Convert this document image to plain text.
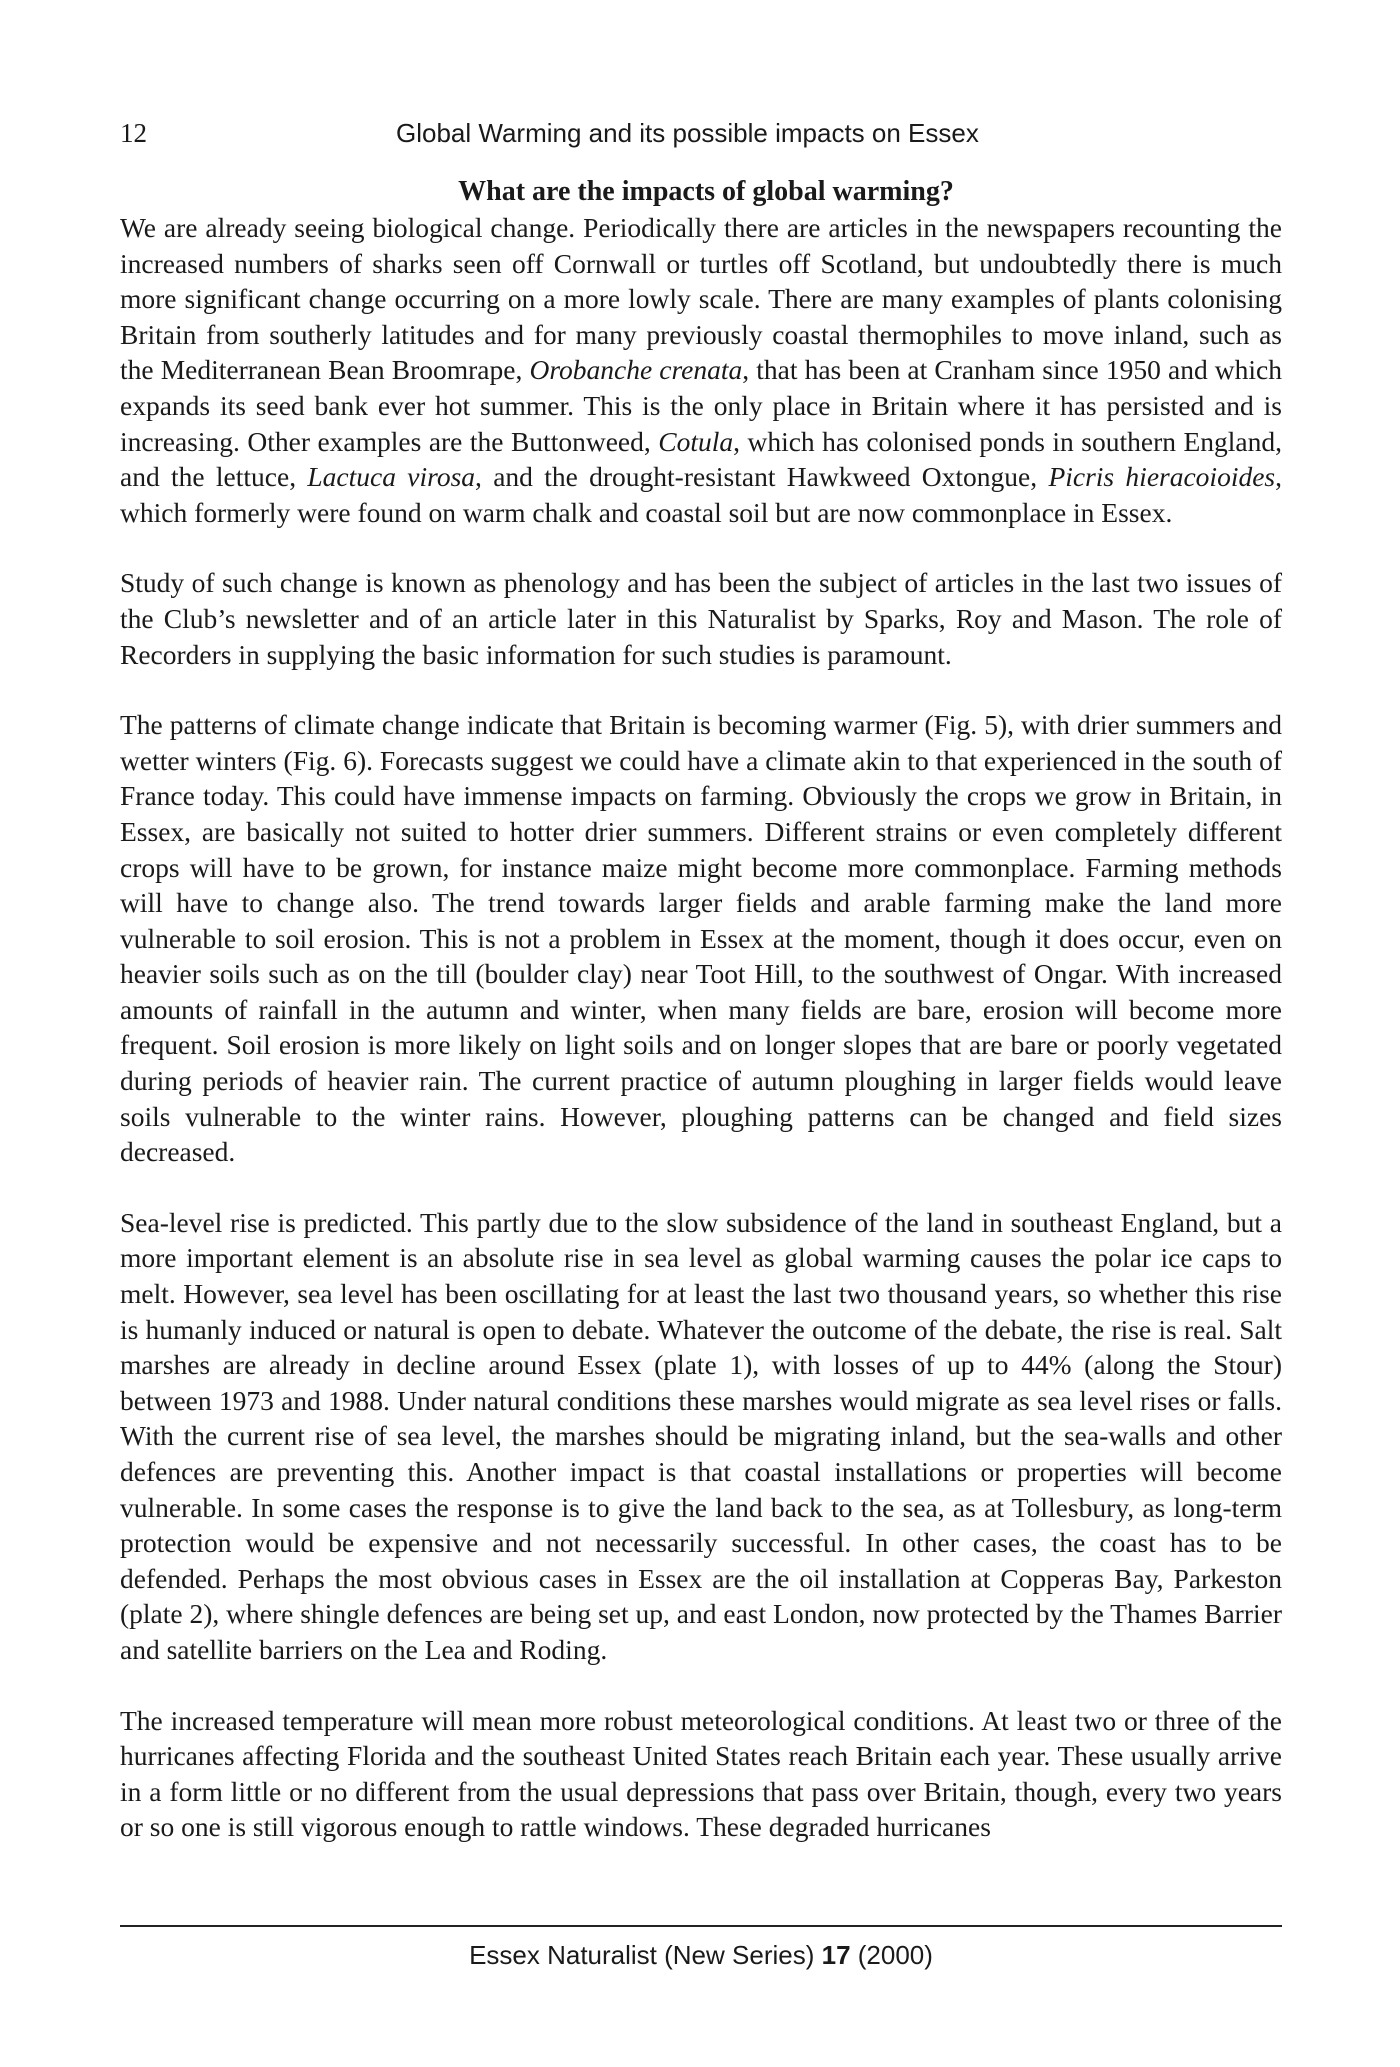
12	Global Warming and its possible impacts on Essex
What are the impacts of global warming?

We are already seeing biological change. Periodically there are articles in the newspapers recounting the increased numbers of sharks seen off Cornwall or turtles off Scotland, but undoubtedly there is much more significant change occurring on a more lowly scale. There are many examples of plants colonising Britain from southerly latitudes and for many previously coastal thermophiles to move inland, such as the Mediterranean Bean Broomrape, Orobanche crenata, that has been at Cranham since 1950 and which expands its seed bank ever hot summer. This is the only place in Britain where it has persisted and is increasing. Other examples are the Buttonweed, Cotula, which has colonised ponds in southern England, and the lettuce, Lactuca virosa, and the drought-resistant Hawkweed Oxtongue, Picris hieracoioides, which formerly were found on warm chalk and coastal soil but are now commonplace in Essex.

Study of such change is known as phenology and has been the subject of articles in the last two issues of the Club’s newsletter and of an article later in this Naturalist by Sparks, Roy and Mason. The role of Recorders in supplying the basic information for such studies is paramount.

The patterns of climate change indicate that Britain is becoming warmer (Fig. 5), with drier summers and wetter winters (Fig. 6). Forecasts suggest we could have a climate akin to that experienced in the south of France today. This could have immense impacts on farming. Obviously the crops we grow in Britain, in Essex, are basically not suited to hotter drier summers. Different strains or even completely different crops will have to be grown, for instance maize might become more commonplace. Farming methods will have to change also. The trend towards larger fields and arable farming make the land more vulnerable to soil erosion. This is not a problem in Essex at the moment, though it does occur, even on heavier soils such as on the till (boulder clay) near Toot Hill, to the southwest of Ongar. With increased amounts of rainfall in the autumn and winter, when many fields are bare, erosion will become more frequent. Soil erosion is more likely on light soils and on longer slopes that are bare or poorly vegetated during periods of heavier rain. The current practice of autumn ploughing in larger fields would leave soils vulnerable to the winter rains. However, ploughing patterns can be changed and field sizes decreased.

Sea-level rise is predicted. This partly due to the slow subsidence of the land in southeast England, but a more important element is an absolute rise in sea level as global warming causes the polar ice caps to melt. However, sea level has been oscillating for at least the last two thousand years, so whether this rise is humanly induced or natural is open to debate. Whatever the outcome of the debate, the rise is real. Salt marshes are already in decline around Essex (plate 1), with losses of up to 44% (along the Stour) between 1973 and 1988. Under natural conditions these marshes would migrate as sea level rises or falls. With the current rise of sea level, the marshes should be migrating inland, but the sea-walls and other defences are preventing this. Another impact is that coastal installations or properties will become vulnerable. In some cases the response is to give the land back to the sea, as at Tollesbury, as long-term protection would be expensive and not necessarily successful. In other cases, the coast has to be defended. Perhaps the most obvious cases in Essex are the oil installation at Copperas Bay, Parkeston (plate 2), where shingle defences are being set up, and east London, now protected by the Thames Barrier and satellite barriers on the Lea and Roding.

The increased temperature will mean more robust meteorological conditions. At least two or three of the hurricanes affecting Florida and the southeast United States reach Britain each year. These usually arrive in a form little or no different from the usual depressions that pass over Britain, though, every two years or so one is still vigorous enough to rattle windows. These degraded hurricanes

Essex Naturalist (New Series) 17 (2000)
